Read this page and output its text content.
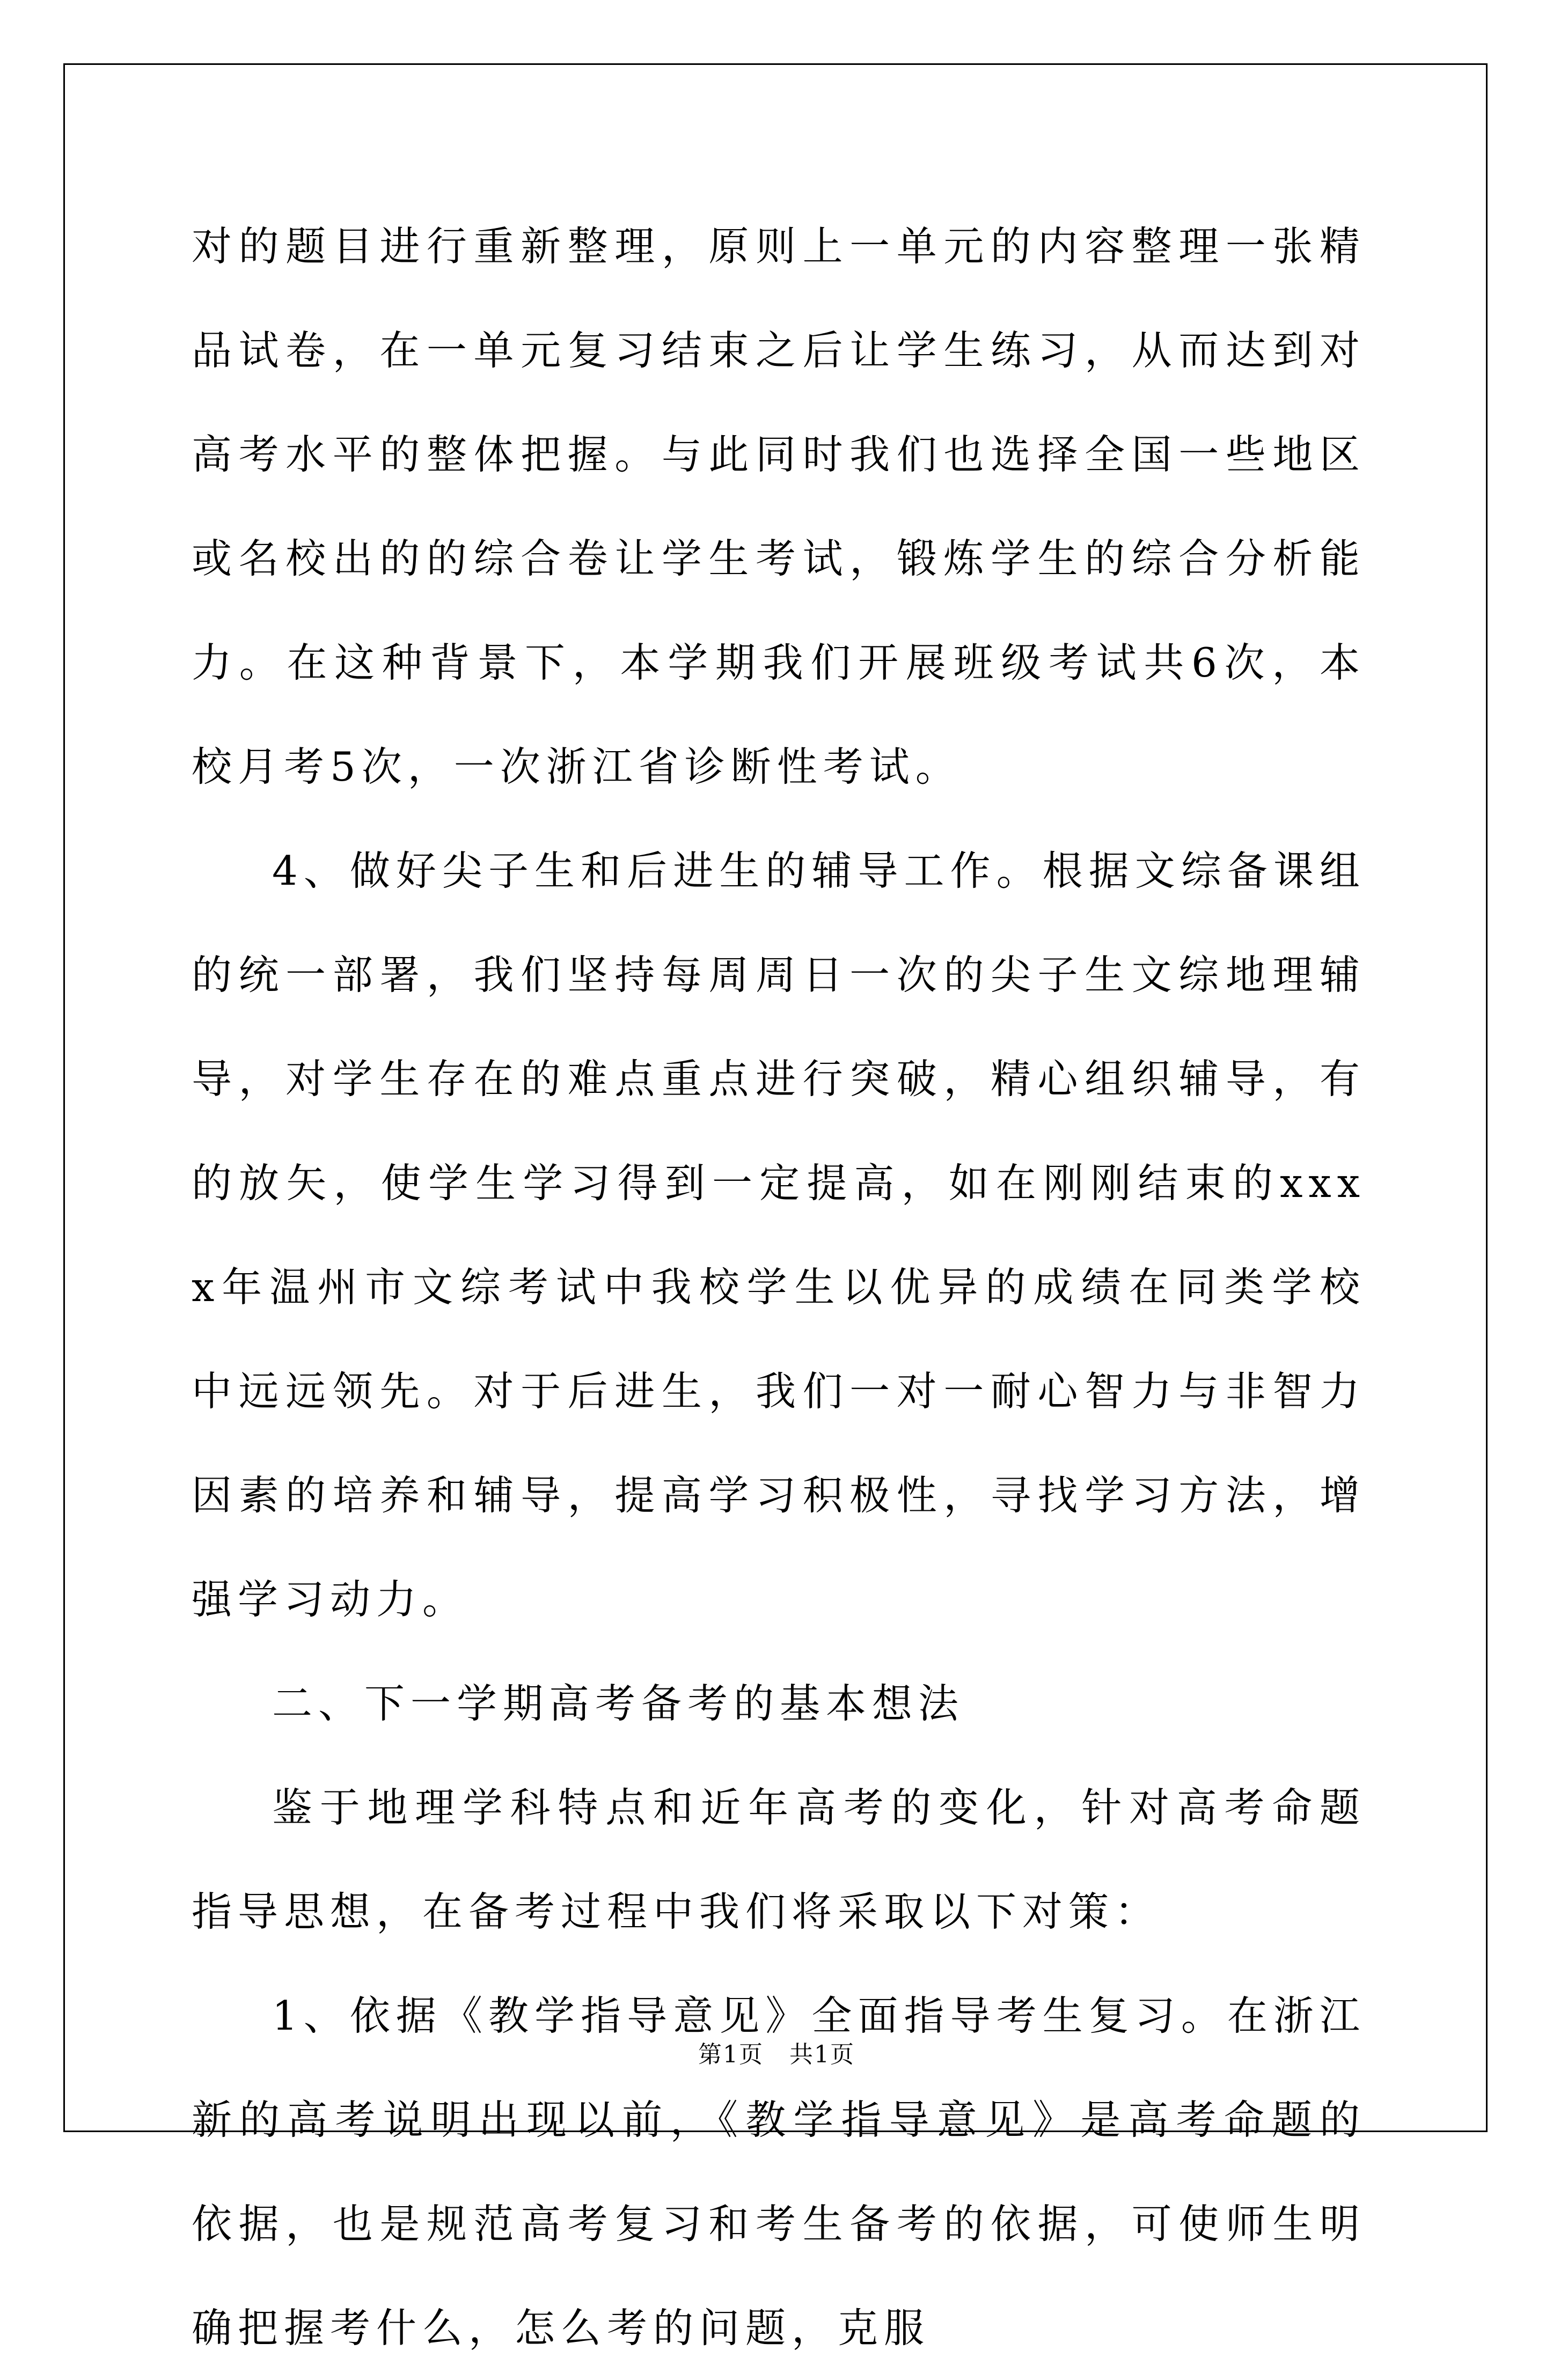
对的题目进行重新整理，原则上一单元的内容整理一张精品试卷，在一单元复习结束之后让学生练习，从而达到对高考水平的整体把握。与此同时我们也选择全国一些地区或名校出的的综合卷让学生考试，锻炼学生的综合分析能力。在这种背景下，本学期我们开展班级考试共6次，本校月考5次，一次浙江省诊断性考试。

4、做好尖子生和后进生的辅导工作。根据文综备课组的统一部署，我们坚持每周周日一次的尖子生文综地理辅导，对学生存在的难点重点进行突破，精心组织辅导，有的放矢，使学生学习得到一定提高，如在刚刚结束的xxxx年温州市文综考试中我校学生以优异的成绩在同类学校中远远领先。对于后进生，我们一对一耐心智力与非智力因素的培养和辅导，提高学习积极性，寻找学习方法，增强学习动力。

二、下一学期高考备考的基本想法

鉴于地理学科特点和近年高考的变化，针对高考命题指导思想，在备考过程中我们将采取以下对策：

1、依据《教学指导意见》全面指导考生复习。在浙江新的高考说明出现以前，《教学指导意见》是高考命题的依据，也是规范高考复习和考生备考的依据，可使师生明确把握考什么，怎么考的问题，克服

第1页 共1页
